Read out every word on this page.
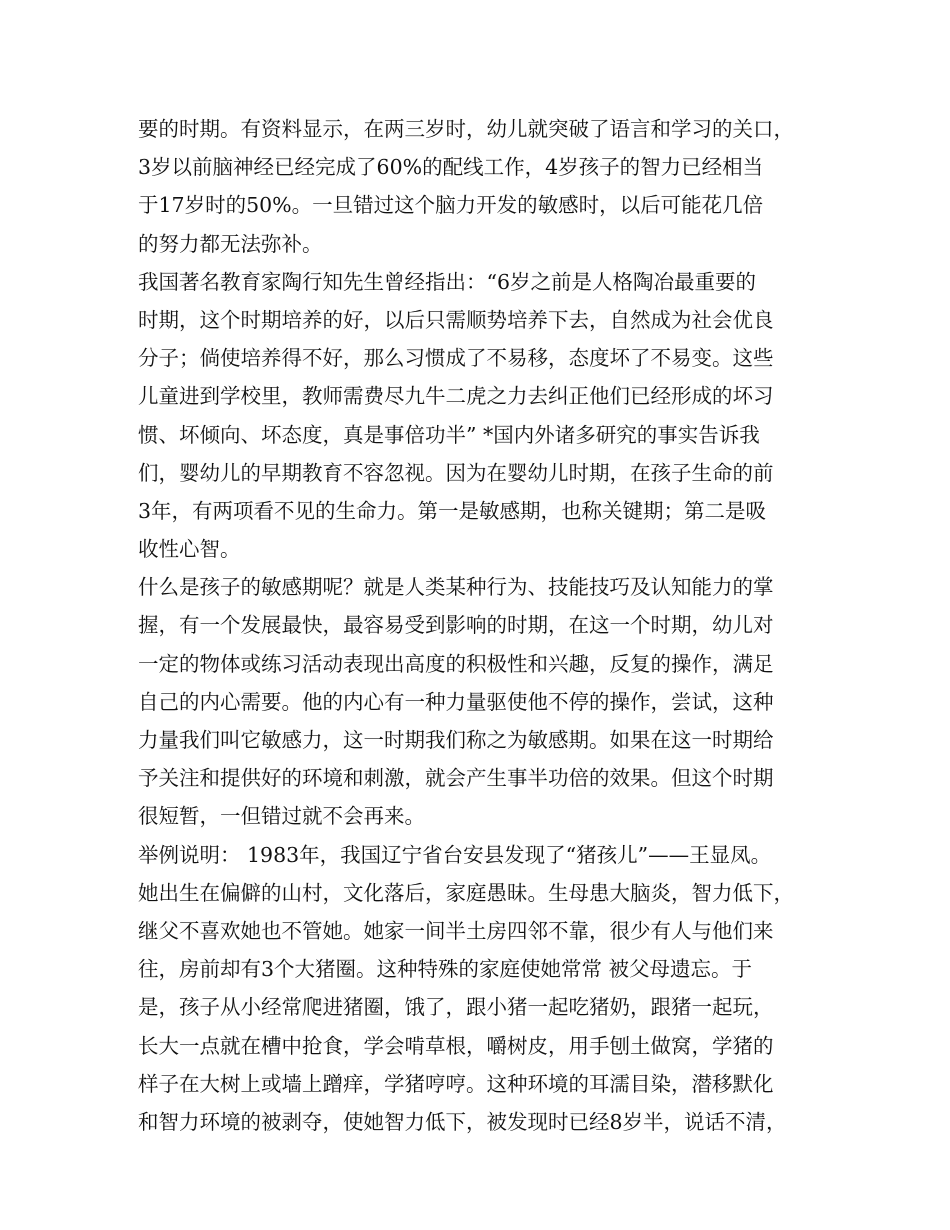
要的时期。有资料显示，在两三岁时，幼儿就突破了语言和学习的关口，
3岁以前脑神经已经完成了60%的配线工作，4岁孩子的智力已经相当
于17岁时的50%。一旦错过这个脑力开发的敏感时，以后可能花几倍
的努力都无法弥补。
我国著名教育家陶行知先生曾经指出：“6岁之前是人格陶冶最重要的
时期，这个时期培养的好，以后只需顺势培养下去，自然成为社会优良
分子；倘使培养得不好，那么习惯成了不易移，态度坏了不易变。这些
儿童进到学校里，教师需费尽九牛二虎之力去纠正他们已经形成的坏习
惯、坏倾向、坏态度，真是事倍功半” *国内外诸多研究的事实告诉我
们，婴幼儿的早期教育不容忽视。因为在婴幼儿时期，在孩子生命的前
3年，有两项看不见的生命力。第一是敏感期，也称关键期；第二是吸
收性心智。
什么是孩子的敏感期呢？就是人类某种行为、技能技巧及认知能力的掌
握，有一个发展最快，最容易受到影响的时期，在这一个时期，幼儿对
一定的物体或练习活动表现出高度的积极性和兴趣，反复的操作，满足
自己的内心需要。他的内心有一种力量驱使他不停的操作，尝试，这种
力量我们叫它敏感力，这一时期我们称之为敏感期。如果在这一时期给
予关注和提供好的环境和刺激，就会产生事半功倍的效果。但这个时期
很短暂，一但错过就不会再来。
举例说明： 1983年，我国辽宁省台安县发现了“猪孩儿”——王显凤。
她出生在偏僻的山村，文化落后，家庭愚昧。生母患大脑炎，智力低下，
继父不喜欢她也不管她。她家一间半土房四邻不靠，很少有人与他们来
往，房前却有3个大猪圈。这种特殊的家庭使她常常 被父母遗忘。于
是，孩子从小经常爬进猪圈，饿了，跟小猪一起吃猪奶，跟猪一起玩，
长大一点就在槽中抢食，学会啃草根，嚼树皮，用手刨土做窝，学猪的
样子在大树上或墙上蹭痒，学猪哼哼。这种环境的耳濡目染，潜移默化
和智力环境的被剥夺，使她智力低下，被发现时已经8岁半，说话不清，
